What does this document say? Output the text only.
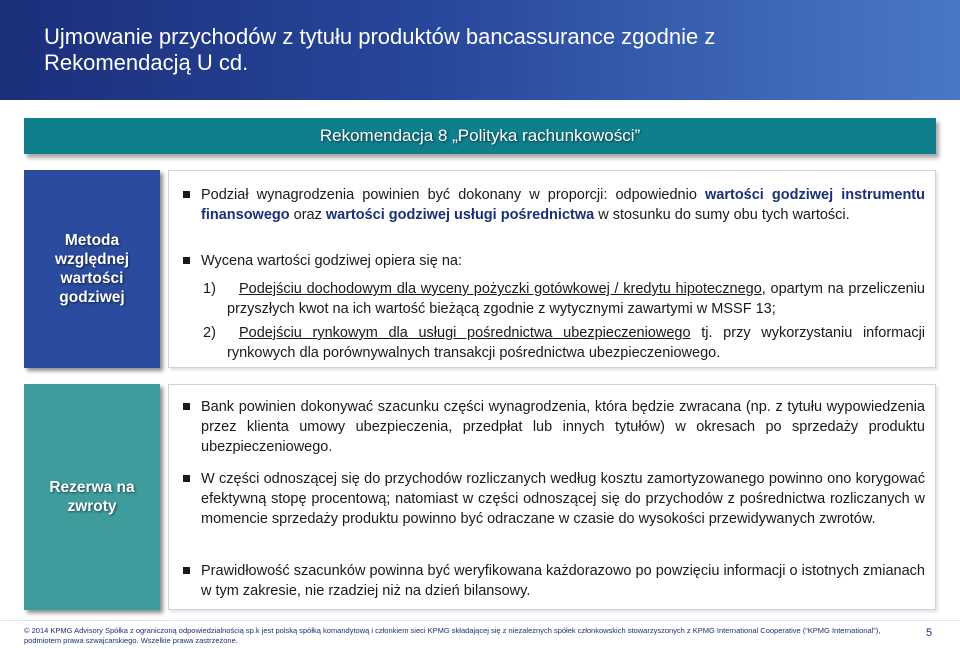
Ujmowanie przychodów z tytułu produktów bancassurance zgodnie z Rekomendacją U cd.
Rekomendacja 8 „Polityka rachunkowości”
Metoda względnej wartości godziwej
Podział wynagrodzenia powinien być dokonany w proporcji: odpowiednio wartości godziwej instrumentu finansowego oraz wartości godziwej usługi pośrednictwa w stosunku do sumy obu tych wartości.
Wycena wartości godziwej opiera się na:
1) Podejściu dochodowym dla wyceny pożyczki gotówkowej / kredytu hipotecznego, opartym na przeliczeniu przyszłych kwot na ich wartość bieżącą zgodnie z wytycznymi zawartymi w MSSF 13;
2) Podejściu rynkowym dla usługi pośrednictwa ubezpieczeniowego tj. przy wykorzystaniu informacji rynkowych dla porównywalnych transakcji pośrednictwa ubezpieczeniowego.
Rezerwa na zwroty
Bank powinien dokonywać szacunku części wynagrodzenia, która będzie zwracana (np. z tytułu wypowiedzenia przez klienta umowy ubezpieczenia, przedpłat lub innych tytułów) w okresach po sprzedaży produktu ubezpieczeniowego.
W części odnoszącej się do przychodów rozliczanych według kosztu zamortyzowanego powinno ono korygować efektywną stopę procentową; natomiast w części odnoszącej się do przychodów z pośrednictwa rozliczanych w momencie sprzedaży produktu powinno być odraczane w czasie do wysokości przewidywanych zwrotów.
Prawidłowość szacunków powinna być weryfikowana każdorazowo po powzięciu informacji o istotnych zmianach w tym zakresie, nie rzadziej niż na dzień bilansowy.
© 2014 KPMG Advisory Spółka z ograniczoną odpowiedzialnością sp.k jest polską spółką komandytową i członkiem sieci KPMG składającej się z niezależnych spółek członkowskich stowarzyszonych z KPMG International Cooperative (“KPMG International”), podmiotem prawa szwajcarskiego. Wszelkie prawa zastrzeżone.
5
